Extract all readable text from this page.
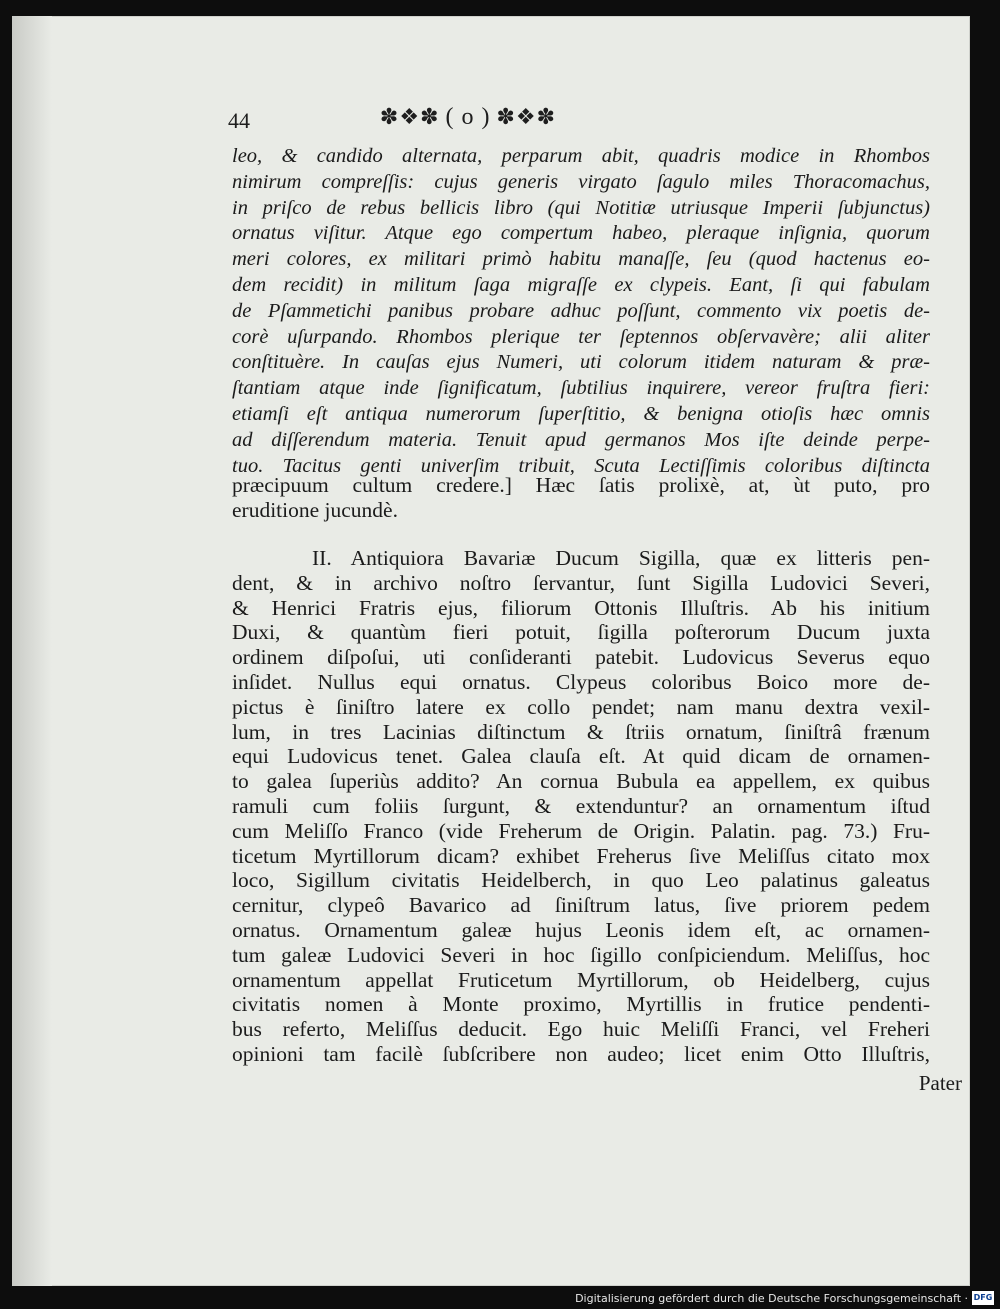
44	✽❖✽ ( o ) ✽❖✽
leo, & candido alternata, perparum abit, quadris modice in Rhombos
nimirum compreſſis: cujus generis virgato ſagulo miles Thoracomachus,
in priſco de rebus bellicis libro (qui Notitiæ utriusque Imperii ſubjunctus)
ornatus viſitur. Atque ego compertum habeo, pleraque inſignia, quorum
meri colores, ex militari primò habitu manaſſe, ſeu (quod hactenus eo-
dem recidit) in militum ſaga migraſſe ex clypeis. Eant, ſi qui fabulam
de Pſammetichi panibus probare adhuc poſſunt, commento vix poetis de-
corè uſurpando. Rhombos plerique ter ſeptennos obſervavère; alii aliter
conſtituère. In cauſas ejus Numeri, uti colorum itidem naturam & præ-
ſtantiam atque inde ſignificatum, ſubtilius inquirere, vereor fruſtra fieri:
etiamſi eſt antiqua numerorum ſuperſtitio, & benigna otioſis hæc omnis
ad diſſerendum materia. Tenuit apud germanos Mos iſte deinde perpe-
tuo. Tacitus genti univerſim tribuit, Scuta Lectiſſimis coloribus diſtincta
præcipuum cultum credere.] Hæc ſatis prolixè, at, ùt puto, pro
eruditione jucundè.
II. Antiquiora Bavariæ Ducum Sigilla, quæ ex litteris pen-
dent, & in archivo noſtro ſervantur, ſunt Sigilla Ludovici Severi,
& Henrici Fratris ejus, filiorum Ottonis Illuſtris. Ab his initium
Duxi, & quantùm fieri potuit, ſigilla poſterorum Ducum juxta
ordinem diſpoſui, uti conſideranti patebit. Ludovicus Severus equo
inſidet. Nullus equi ornatus. Clypeus coloribus Boico more de-
pictus è ſiniſtro latere ex collo pendet; nam manu dextra vexil-
lum, in tres Lacinias diſtinctum & ſtriis ornatum, ſiniſtrâ frænum
equi Ludovicus tenet. Galea clauſa eſt. At quid dicam de ornamen-
to galea ſuperiùs addito? An cornua Bubula ea appellem, ex quibus
ramuli cum foliis ſurgunt, & extenduntur? an ornamentum iſtud
cum Meliſſo Franco (vide Freherum de Origin. Palatin. pag. 73.) Fru-
ticetum Myrtillorum dicam? exhibet Freherus ſive Meliſſus citato mox
loco, Sigillum civitatis Heidelberch, in quo Leo palatinus galeatus
cernitur, clypeô Bavarico ad ſiniſtrum latus, ſive priorem pedem
ornatus. Ornamentum galeæ hujus Leonis idem eſt, ac ornamen-
tum galeæ Ludovici Severi in hoc ſigillo conſpiciendum. Meliſſus, hoc
ornamentum appellat Fruticetum Myrtillorum, ob Heidelberg, cujus
civitatis nomen à Monte proximo, Myrtillis in frutice pendenti-
bus referto, Meliſſus deducit. Ego huic Meliſſi Franci, vel Freheri
opinioni tam facilè ſubſcribere non audeo; licet enim Otto Illuſtris,
Pater
Digitalisierung gefördert durch die Deutsche Forschungsgemeinschaft · DFG
